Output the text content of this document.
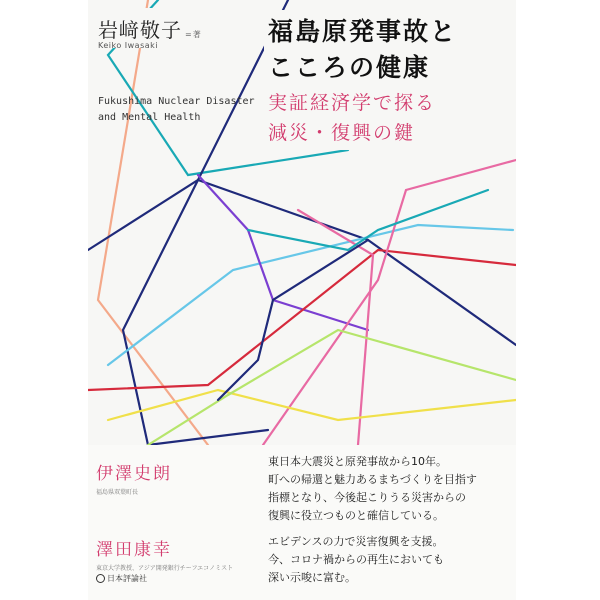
岩﨑敬子 =著
Keiko Iwasaki
Fukushima Nuclear Disaster
and Mental Health
福島原発事故と
こころの健康
実証経済学で探る
減災・復興の鍵
伊澤史朗
福島県双葉町長
東日本大震災と原発事故から10年。
町への帰還と魅力あるまちづくりを目指す
指標となり、今後起こりうる災害からの
復興に役立つものと確信している。
澤田康幸
東京大学教授、アジア開発銀行チーフエコノミスト
エビデンスの力で災害復興を支援。
今、コロナ禍からの再生においても
深い示唆に富む。
日本評論社
